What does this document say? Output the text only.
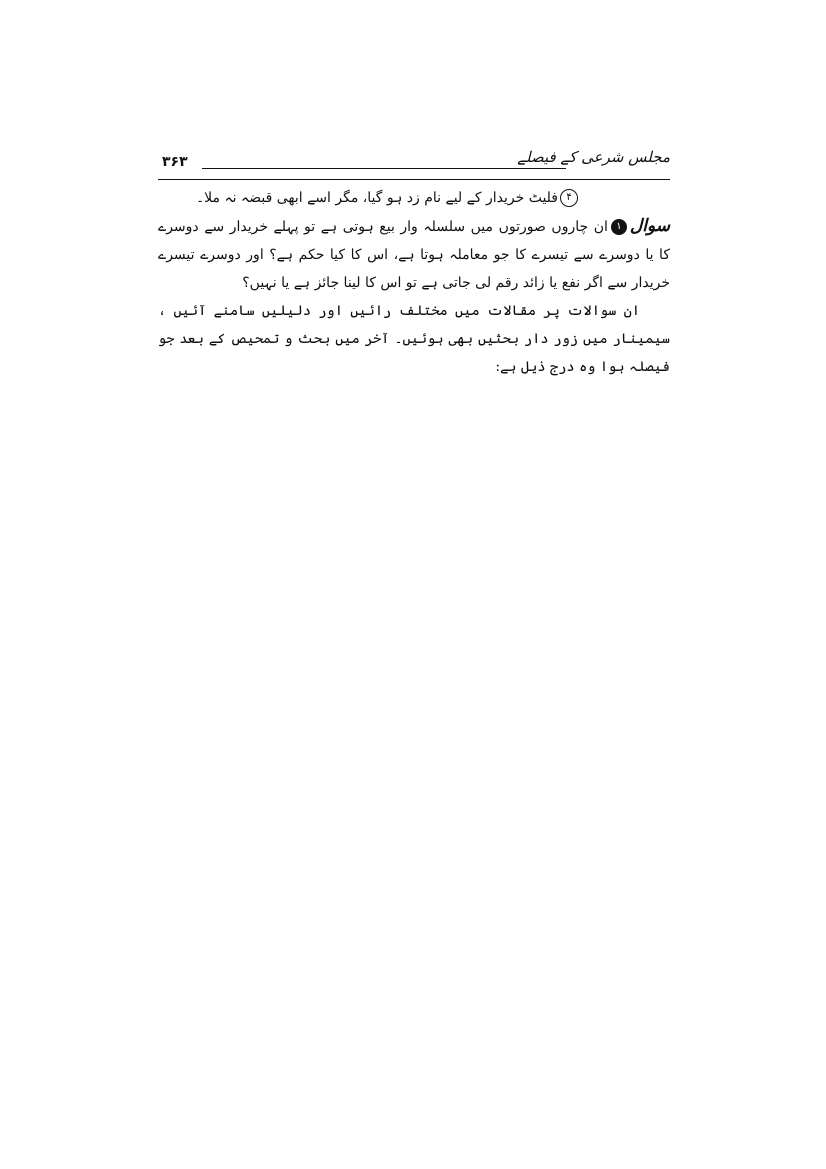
مجلس شرعی کے فیصلے
۳۶۳

۴فلیٹ خریدار کے لیے نام زد ہو گیا، مگر اسے ابھی قبضہ نہ ملا۔

سوال۱ان چاروں صورتوں میں سلسلہ وار بیع ہوتی ہے تو پہلے خریدار سے دوسرے کا یا دوسرے سے تیسرے کا جو معاملہ ہوتا ہے، اس کا کیا حکم ہے؟ اور دوسرے تیسرے خریدار سے اگر نفع یا زائد رقم لی جاتی ہے تو اس کا لینا جائز ہے یا نہیں؟

ان سوالات پر مقالات میں مختلف رائیں اور دلیلیں سامنے آئیں ، سیمینار میں زور دار بحثیں بھی ہوئیں۔ آخر میں بحث و تمحیص کے بعد جو فیصلہ ہوا وہ درج ذیل ہے:
